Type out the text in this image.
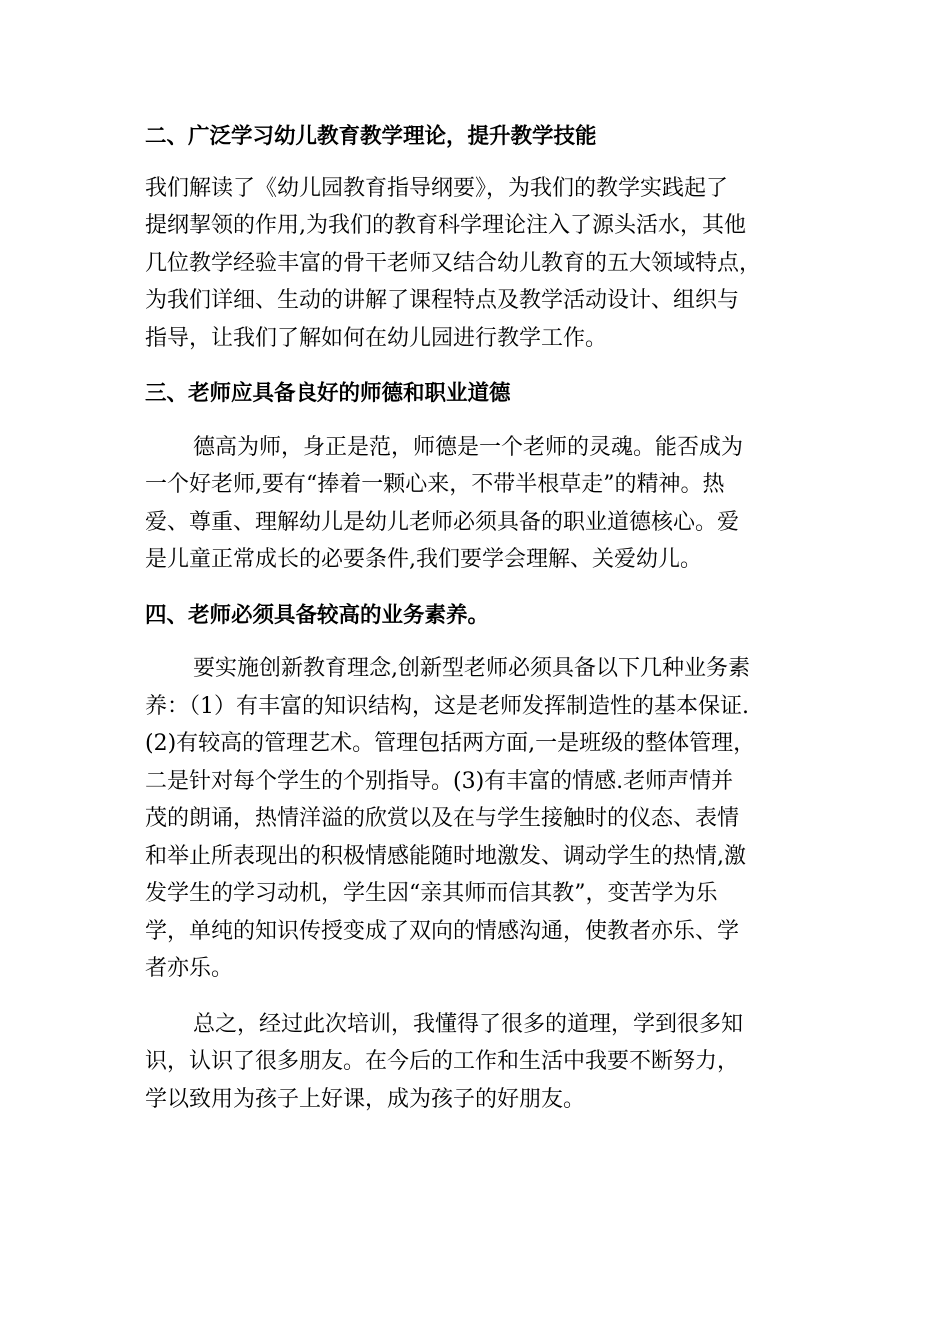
二、广泛学习幼儿教育教学理论，提升教学技能

我们解读了《幼儿园教育指导纲要》，为我们的教学实践起了
提纲挈领的作用,为我们的教育科学理论注入了源头活水，其他
几位教学经验丰富的骨干老师又结合幼儿教育的五大领域特点，
为我们详细、生动的讲解了课程特点及教学活动设计、组织与
指导，让我们了解如何在幼儿园进行教学工作。

三、老师应具备良好的师德和职业道德

德高为师，身正是范，师德是一个老师的灵魂。能否成为
一个好老师,要有“捧着一颗心来，不带半根草走”的精神。热
爱、尊重、理解幼儿是幼儿老师必须具备的职业道德核心。爱
是儿童正常成长的必要条件,我们要学会理解、关爱幼儿。

四、老师必须具备较高的业务素养。

要实施创新教育理念,创新型老师必须具备以下几种业务素
养：（1）有丰富的知识结构，这是老师发挥制造性的基本保证.
(2)有较高的管理艺术。管理包括两方面,一是班级的整体管理，
二是针对每个学生的个别指导。(3)有丰富的情感.老师声情并
茂的朗诵，热情洋溢的欣赏以及在与学生接触时的仪态、表情
和举止所表现出的积极情感能随时地激发、调动学生的热情,激
发学生的学习动机，学生因“亲其师而信其教”，变苦学为乐
学，单纯的知识传授变成了双向的情感沟通，使教者亦乐、学
者亦乐。

总之，经过此次培训，我懂得了很多的道理，学到很多知
识，认识了很多朋友。在今后的工作和生活中我要不断努力，
学以致用为孩子上好课，成为孩子的好朋友。
